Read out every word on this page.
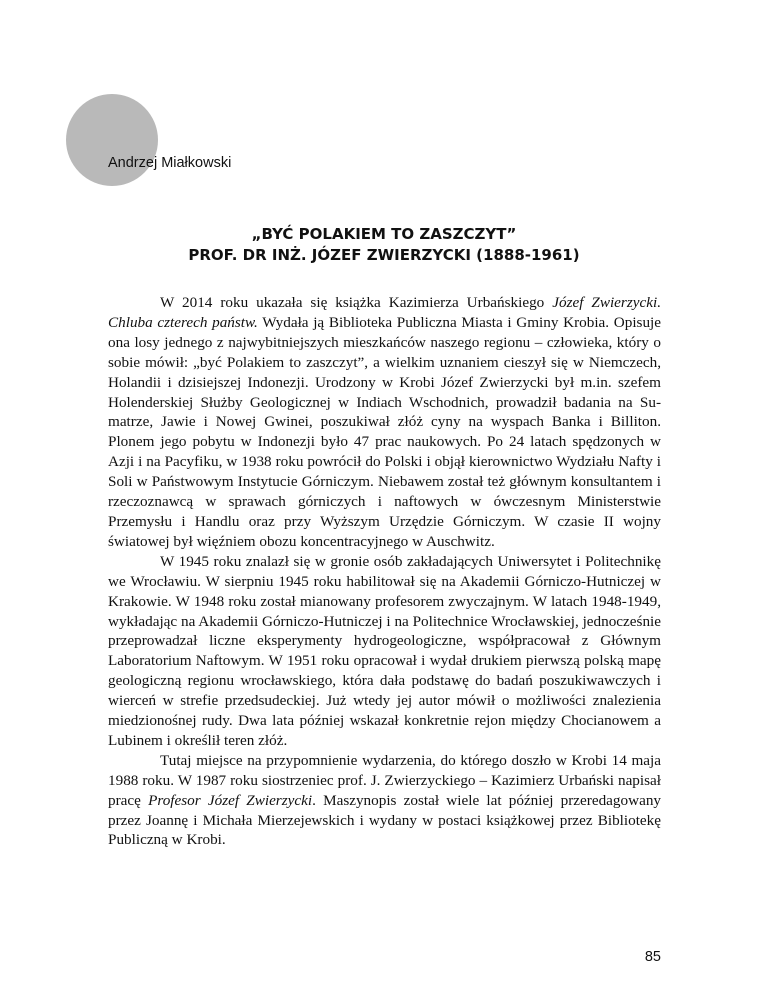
Andrzej Miałkowski
„BYĆ POLAKIEM TO ZASZCZYT”
PROF. DR INŻ. JÓZEF ZWIERZYCKI (1888-1961)

W 2014 roku ukazała się książka Kazimierza Urbańskiego Józef Zwierzycki. Chluba czterech państw. Wydała ją Biblioteka Publiczna Miasta i Gminy Krobia. Opisuje ona losy jednego z najwybitniejszych mieszkańców naszego regionu – człowieka, który o sobie mówił: „być Polakiem to zaszczyt”, a wielkim uznaniem cieszył się w Niemczech, Holandii i dzisiejszej Indonezji. Urodzony w Krobi Józef Zwierzycki był m.in. szefem Holenderskiej Służby Geologicznej w Indiach Wschodnich, prowadził badania na Sumatrze, Jawie i Nowej Gwinei, poszukiwał złóż cyny na wyspach Banka i Billiton. Plonem jego pobytu w Indonezji było 47 prac naukowych. Po 24 latach spędzonych w Azji i na Pacyfiku, w 1938 roku powrócił do Polski i objął kierownictwo Wydziału Nafty i Soli w Państwowym Instytucie Górniczym. Niebawem został też głównym konsultantem i rzeczoznawcą w sprawach górniczych i naftowych w ówczesnym Ministerstwie Przemysłu i Handlu oraz przy Wyższym Urzędzie Górniczym. W czasie II wojny światowej był więźniem obozu koncentracyjnego w Auschwitz.

W 1945 roku znalazł się w gronie osób zakładających Uniwersytet i Politechnikę we Wrocławiu. W sierpniu 1945 roku habilitował się na Akademii Górniczo-Hutniczej w Krakowie. W 1948 roku został mianowany profesorem zwyczajnym. W latach 1948-1949, wykładając na Akademii Górniczo-Hutniczej i na Politechnice Wrocławskiej, jednocześnie przeprowadzał liczne eksperymenty hydrogeologiczne, współpracował z Głównym Laboratorium Naftowym. W 1951 roku opracował i wydał drukiem pierwszą polską mapę geologiczną regionu wrocławskiego, która dała podstawę do badań poszukiwawczych i wierceń w strefie przedsudeckiej. Już wtedy jej autor mówił o możliwości znalezienia miedzionośnej rudy. Dwa lata później wskazał konkretnie rejon między Chocianowem a Lubinem i określił teren złóż.

Tutaj miejsce na przypomnienie wydarzenia, do którego doszło w Krobi 14 maja 1988 roku. W 1987 roku siostrzeniec prof. J. Zwierzyckiego – Kazimierz Urbański napisał pracę Profesor Józef Zwierzycki. Maszynopis został wiele lat później przeredagowany przez Joannę i Michała Mierzejewskich i wydany w postaci książkowej przez Bibliotekę Publiczną w Krobi.

85
